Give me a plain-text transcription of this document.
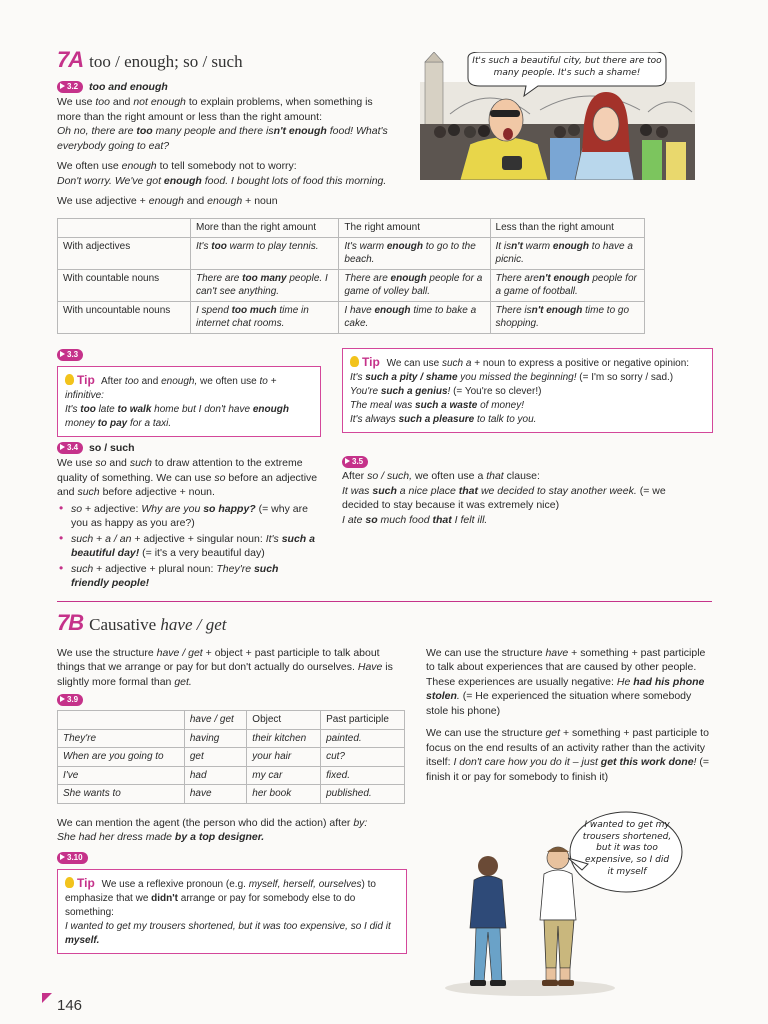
7A too / enough; so / such
3.2 too and enough

We use too and not enough to explain problems, when something is more than the right amount or less than the right amount:

Oh no, there are too many people and there isn't enough food! What's everybody going to eat?

We often use enough to tell somebody not to worry:

Don't worry. We've got enough food. I bought lots of food this morning.

We use adjective + enough and enough + noun

It's such a beautiful city, but there are too many people. It's such a shame!
	More than the right amount	The right amount	Less than the right amount
With adjectives	It's too warm to play tennis.	It's warm enough to go to the beach.	It isn't warm enough to have a picnic.
With countable nouns	There are too many people. I can't see anything.	There are enough people for a game of volley ball.	There aren't enough people for a game of football.
With uncountable nouns	I spend too much time in internet chat rooms.	I have enough time to bake a cake.	There isn't enough time to go shopping.
3.3

Tip After too and enough, we often use to + infinitive:

It's too late to walk home but I don't have enough money to pay for a taxi.

3.4 so / such

We use so and such to draw attention to the extreme quality of something. We can use so before an adjective and such before adjective + noun.

• so + adjective: Why are you so happy? (= why are you as happy as you are?)
• such + a / an + adjective + singular noun: It's such a beautiful day! (= it's a very beautiful day)
• such + adjective + plural noun: They're such friendly people!

Tip We can use such a + noun to express a positive or negative opinion:

It's such a pity / shame you missed the beginning! (= I'm so sorry / sad.)

You're such a genius! (= You're so clever!)

The meal was such a waste of money!

It's always such a pleasure to talk to you.

3.5

After so / such, we often use a that clause:

It was such a nice place that we decided to stay another week. (= we decided to stay because it was extremely nice)

I ate so much food that I felt ill.

7B Causative have / get

We use the structure have / get + object + past participle to talk about things that we arrange or pay for but don't actually do ourselves. Have is slightly more formal than get.

3.9
	have / get	Object	Past participle
They're	having	their kitchen	painted.
When are you going to	get	your hair	cut?
I've	had	my car	fixed.
She wants to	have	her book	published.

We can mention the agent (the person who did the action) after by:

She had her dress made by a top designer.

3.10

Tip We use a reflexive pronoun (e.g. myself, herself, ourselves) to emphasize that we didn't arrange or pay for somebody else to do something:

I wanted to get my trousers shortened, but it was too expensive, so I did it myself.

We can use the structure have + something + past participle to talk about experiences that are caused by other people. These experiences are usually negative: He had his phone stolen. (= He experienced the situation where somebody stole his phone)

We can use the structure get + something + past participle to focus on the end results of an activity rather than the activity itself: I don't care how you do it – just get this work done! (= finish it or pay for somebody to finish it)

I wanted to get my trousers shortened, but it was too expensive, so I did it myself
146
